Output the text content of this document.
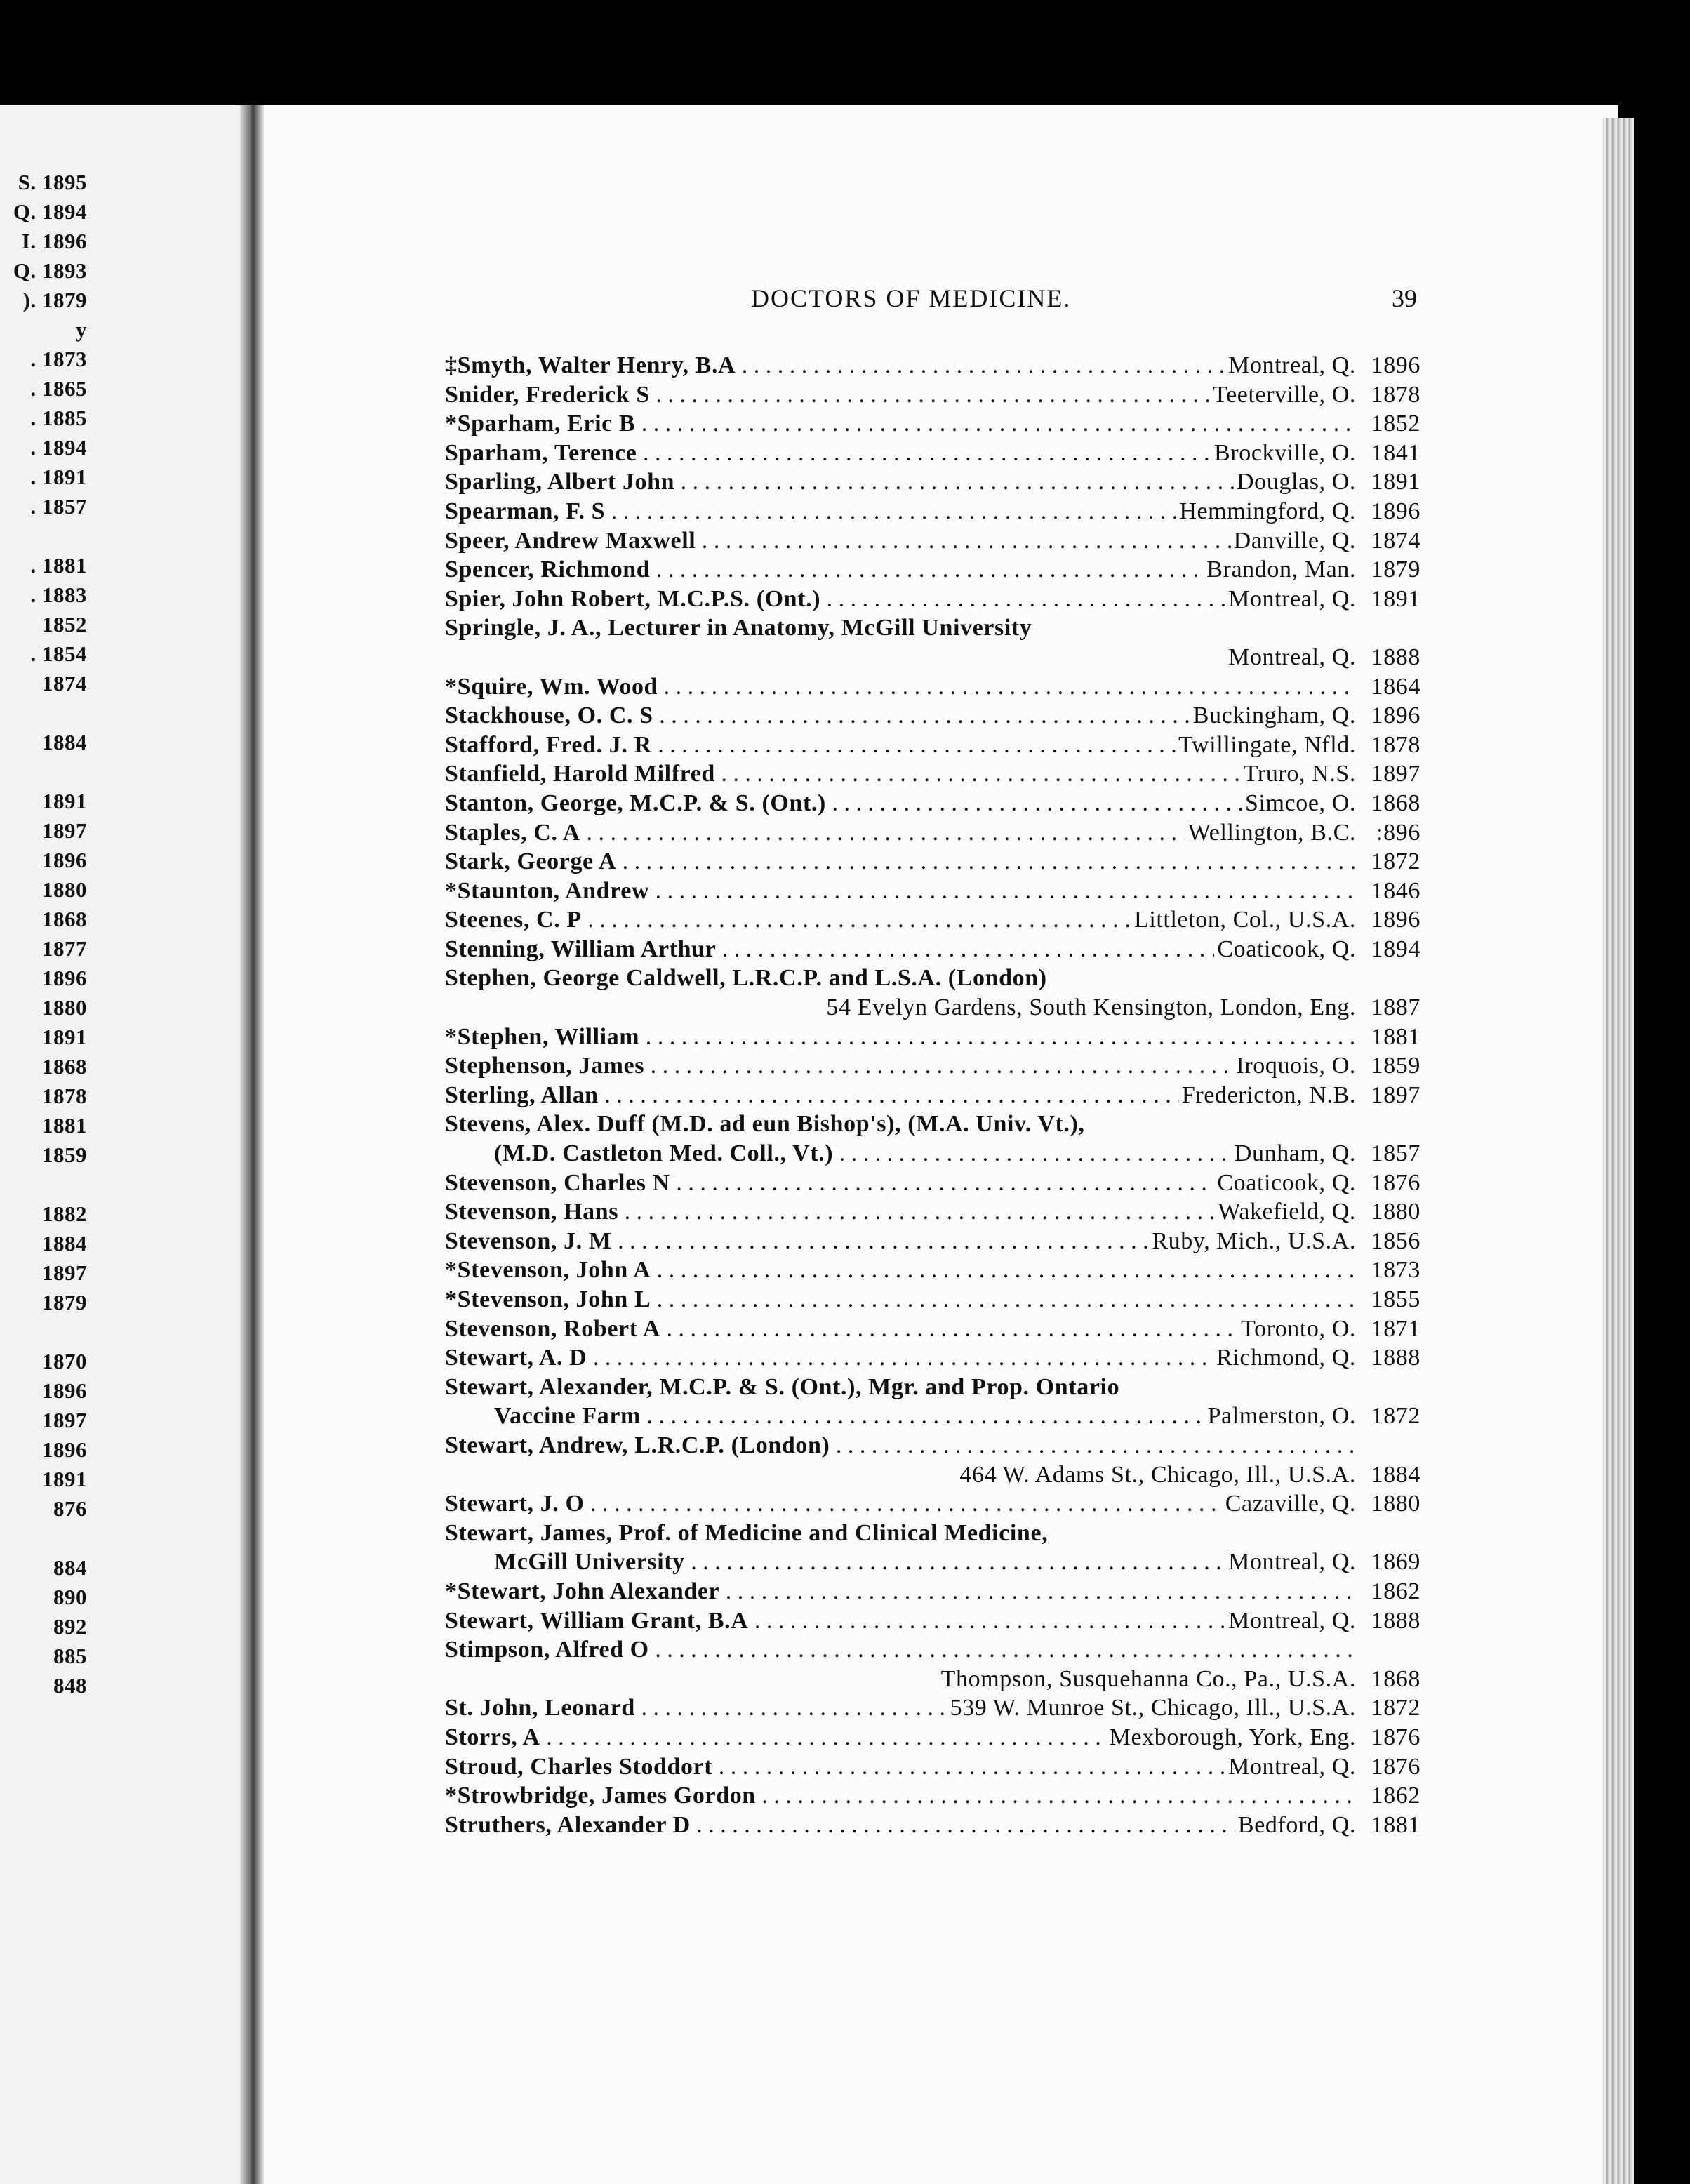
S. 1895
Q. 1894
I. 1896
Q. 1893
). 1879
y
. 1873
. 1865
. 1885
. 1894
. 1891
. 1857
. 1881
. 1883
1852
. 1854
1874
1884
1891
1897
1896
1880
1868
1877
1896
1880
1891
1868
1878
1881
1859
1882
1884
1897
1879
1870
1896
1897
1896
1891
876
884
890
892
885
848
DOCTORS OF MEDICINE.	39
‡Smyth, Walter Henry, B.A . . .	Montreal, Q. 1896
Snider, Frederick S . . .	Teeterville, O. 1878
*Sparham, Eric B . . .	1852
Sparham, Terence . . .	Brockville, O. 1841
Sparling, Albert John . . .	Douglas, O. 1891
Spearman, F. S . . .	Hemmingford, Q. 1896
Speer, Andrew Maxwell . . .	Danville, Q. 1874
Spencer, Richmond . . .	Brandon, Man. 1879
Spier, John Robert, M.C.P.S. (Ont.) . . .	Montreal, Q. 1891
Springle, J. A., Lecturer in Anatomy, McGill University
Montreal, Q. 1888
*Squire, Wm. Wood . . .	1864
Stackhouse, O. C. S . . .	Buckingham, Q. 1896
Stafford, Fred. J. R . . .	Twillingate, Nfld. 1878
Stanfield, Harold Milfred . . .	Truro, N.S. 1897
Stanton, George, M.C.P. & S. (Ont.) . . .	Simcoe, O. 1868
Staples, C. A . . .	Wellington, B.C. :896
Stark, George A . . .	1872
*Staunton, Andrew . . .	1846
Steenes, C. P . . .	Littleton, Col., U.S.A. 1896
Stenning, William Arthur . . .	Coaticook, Q. 1894
Stephen, George Caldwell, L.R.C.P. and L.S.A. (London)
54 Evelyn Gardens, South Kensington, London, Eng. 1887
*Stephen, William . . .	1881
Stephenson, James . . .	Iroquois, O. 1859
Sterling, Allan . . .	Fredericton, N.B. 1897
Stevens, Alex. Duff (M.D. ad eun Bishop's), (M.A. Univ. Vt.),
(M.D. Castleton Med. Coll., Vt.) . . .	Dunham, Q. 1857
Stevenson, Charles N . . .	Coaticook, Q. 1876
Stevenson, Hans . . .	Wakefield, Q. 1880
Stevenson, J. M . . .	Ruby, Mich., U.S.A. 1856
*Stevenson, John A . . .	1873
*Stevenson, John L . . .	1855
Stevenson, Robert A . . .	Toronto, O. 1871
Stewart, A. D . . .	Richmond, Q. 1888
Stewart, Alexander, M.C.P. & S. (Ont.), Mgr. and Prop. Ontario
Vaccine Farm . . .	Palmerston, O. 1872
Stewart, Andrew, L.R.C.P. (London) . . .
464 W. Adams St., Chicago, Ill., U.S.A. 1884
Stewart, J. O . . .	Cazaville, Q. 1880
Stewart, James, Prof. of Medicine and Clinical Medicine,
McGill University . . .	Montreal, Q. 1869
*Stewart, John Alexander . . .	1862
Stewart, William Grant, B.A . . .	Montreal, Q. 1888
Stimpson, Alfred O . . .
Thompson, Susquehanna Co., Pa., U.S.A. 1868
St. John, Leonard . . .	539 W. Munroe St., Chicago, Ill., U.S.A. 1872
Storrs, A . . .	Mexborough, York, Eng. 1876
Stroud, Charles Stoddort . . .	Montreal, Q. 1876
*Strowbridge, James Gordon . . .	1862
Struthers, Alexander D . . .	Bedford, Q. 1881
